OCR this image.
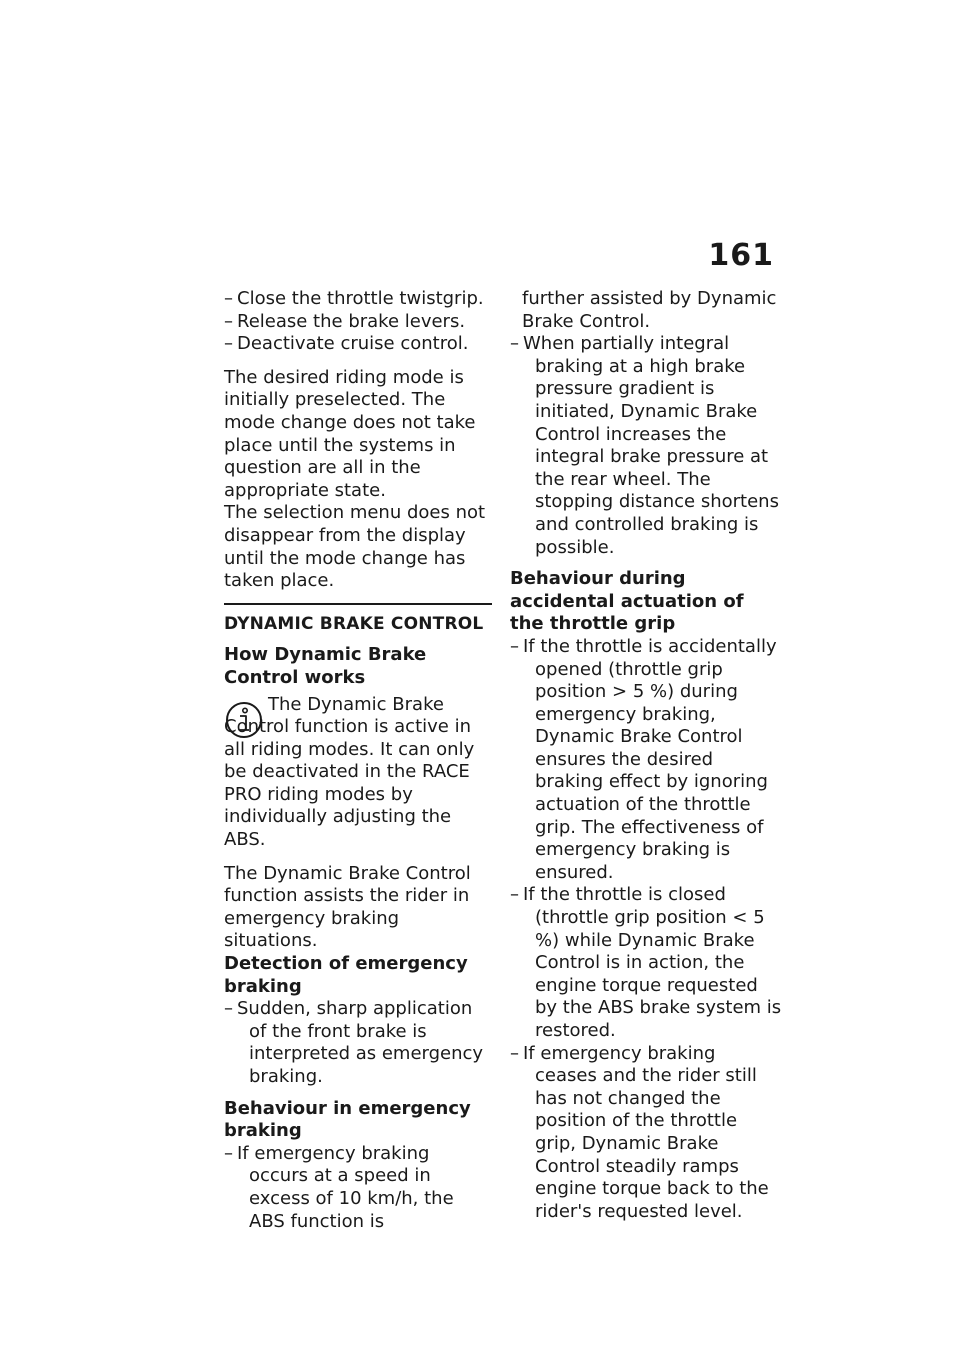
161
– Close the throttle twistgrip.
– Release the brake levers.
– Deactivate cruise control.

The desired riding mode is initially preselected. The mode change does not take place until the systems in question are all in the appropriate state.

The selection menu does not disappear from the display until the mode change has taken place.

DYNAMIC BRAKE CONTROL
How Dynamic Brake Control works

The Dynamic Brake Control function is active in all riding modes. It can only be deactivated in the RACE PRO riding modes by individually adjusting the ABS.

The Dynamic Brake Control function assists the rider in emergency braking situations.

Detection of emergency braking
– Sudden, sharp application of the front brake is interpreted as emergency braking.
Behaviour in emergency braking
– If emergency braking occurs at a speed in excess of 10 km/h, the ABS function is
further assisted by Dynamic Brake Control.
– When partially integral braking at a high brake pressure gradient is initiated, Dynamic Brake Control increases the integral brake pressure at the rear wheel. The stopping distance shortens and controlled braking is possible.
Behaviour during accidental actuation of the throttle grip
– If the throttle is accidentally opened (throttle grip position > 5 %) during emergency braking, Dynamic Brake Control ensures the desired braking effect by ignoring actuation of the throttle grip. The effectiveness of emergency braking is ensured.
– If the throttle is closed (throttle grip position < 5 %) while Dynamic Brake Control is in action, the engine torque requested by the ABS brake system is restored.
– If emergency braking ceases and the rider still has not changed the position of the throttle grip, Dynamic Brake Control steadily ramps engine torque back to the rider's requested level.
